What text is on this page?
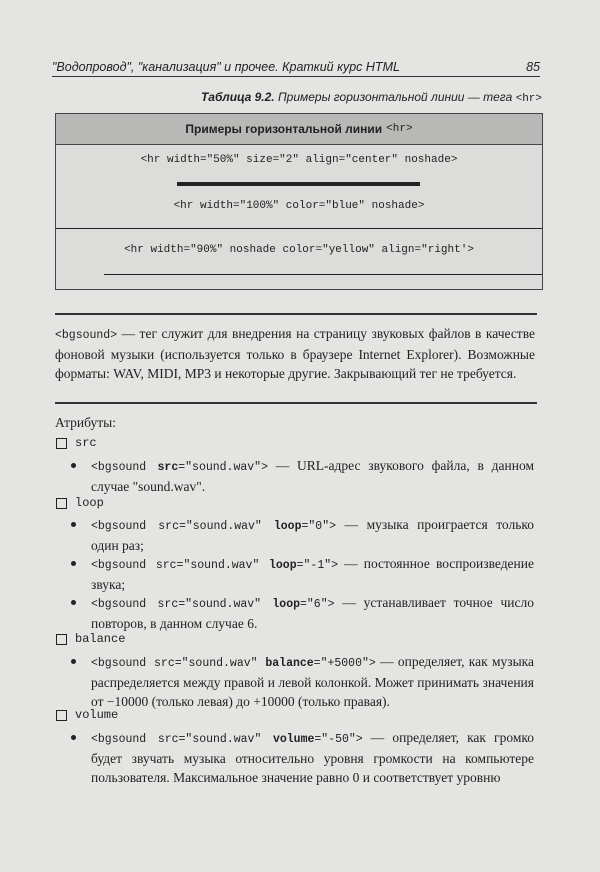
"Водопровод", "канализация" и прочее. Краткий курс HTML	85
Таблица 9.2. Примеры горизонтальной линии — тега <hr>
Примеры горизонтальной линии <hr>
<hr width="50%" size="2" align="center" noshade>
<hr width="100%" color="blue" noshade>
<hr width="90%" noshade color="yellow" align="right'>
<bgsound> — тег служит для внедрения на страницу звуковых файлов в качестве фоновой музыки (используется только в браузере Internet Explorer). Возможные форматы: WAV, MIDI, MP3 и некоторые другие. Закрывающий тег не требуется.
Атрибуты:
src
<bgsound src="sound.wav"> — URL-адрес звукового файла, в данном случае "sound.wav".
loop
<bgsound src="sound.wav" loop="0"> — музыка проиграется только один раз;
<bgsound src="sound.wav" loop="-1"> — постоянное воспроизведение звука;
<bgsound src="sound.wav" loop="6"> — устанавливает точное число повторов, в данном случае 6.
balance
<bgsound src="sound.wav" balance="+5000"> — определяет, как музыка распределяется между правой и левой колонкой. Может принимать значения от −10000 (только левая) до +10000 (только правая).
volume
<bgsound src="sound.wav" volume="-50"> — определяет, как громко будет звучать музыка относительно уровня громкости на компьютере пользователя. Максимальное значение равно 0 и соответствует уровню
